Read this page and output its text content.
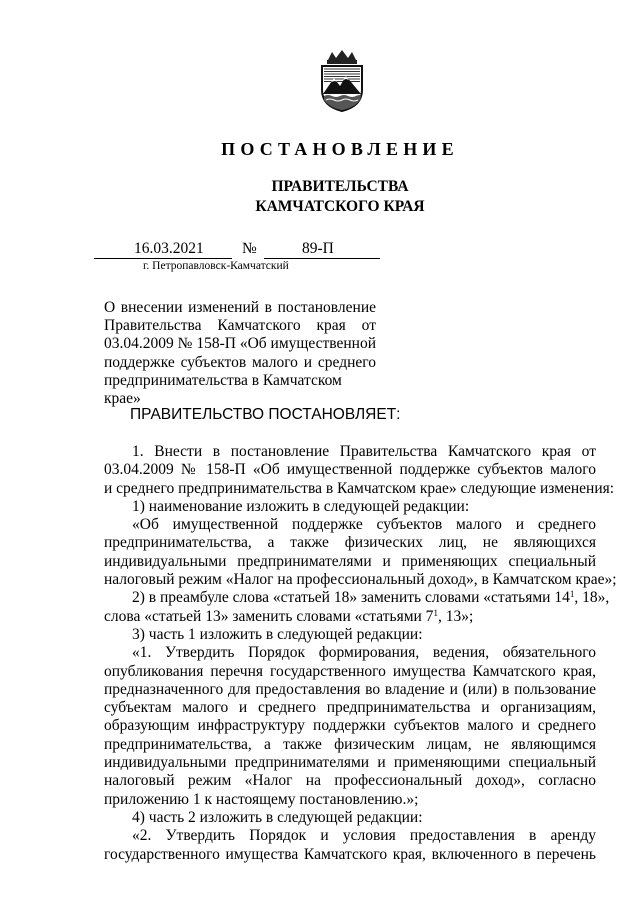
ПОСТАНОВЛЕНИЕ
ПРАВИТЕЛЬСТВА
КАМЧАТСКОГО КРАЯ
16.03.2021 №	89-П
г. Петропавловск-Камчатский
О внесении изменений в постановление
Правительства Камчатского края от
03.04.2009 № 158-П «Об имущественной
поддержке субъектов малого и среднего
предпринимательства в Камчатском крае»
ПРАВИТЕЛЬСТВО ПОСТАНОВЛЯЕТ:
1. Внести в постановление Правительства Камчатского края от
03.04.2009 № 158-П «Об имущественной поддержке субъектов малого
и среднего предпринимательства в Камчатском крае» следующие изменения:
1) наименование изложить в следующей редакции:
«Об имущественной поддержке субъектов малого и среднего
предпринимательства, а также физических лиц, не являющихся
индивидуальными предпринимателями и применяющих специальный
налоговый режим «Налог на профессиональный доход», в Камчатском крае»;
2) в преамбуле слова «статьей 18» заменить словами «статьями $14^1$, 18»,
слова «статьей 13» заменить словами «статьями $7^1$, 13»;
3) часть 1 изложить в следующей редакции:
«1. Утвердить Порядок формирования, ведения, обязательного
опубликования перечня государственного имущества Камчатского края,
предназначенного для предоставления во владение и (или) в пользование
субъектам малого и среднего предпринимательства и организациям,
образующим инфраструктуру поддержки субъектов малого и среднего
предпринимательства, а также физическим лицам, не являющимся
индивидуальными предпринимателями и применяющими специальный
налоговый режим «Налог на профессиональный доход», согласно
приложению 1 к настоящему постановлению.»;
4) часть 2 изложить в следующей редакции:
«2. Утвердить Порядок и условия предоставления в аренду
государственного имущества Камчатского края, включенного в перечень
